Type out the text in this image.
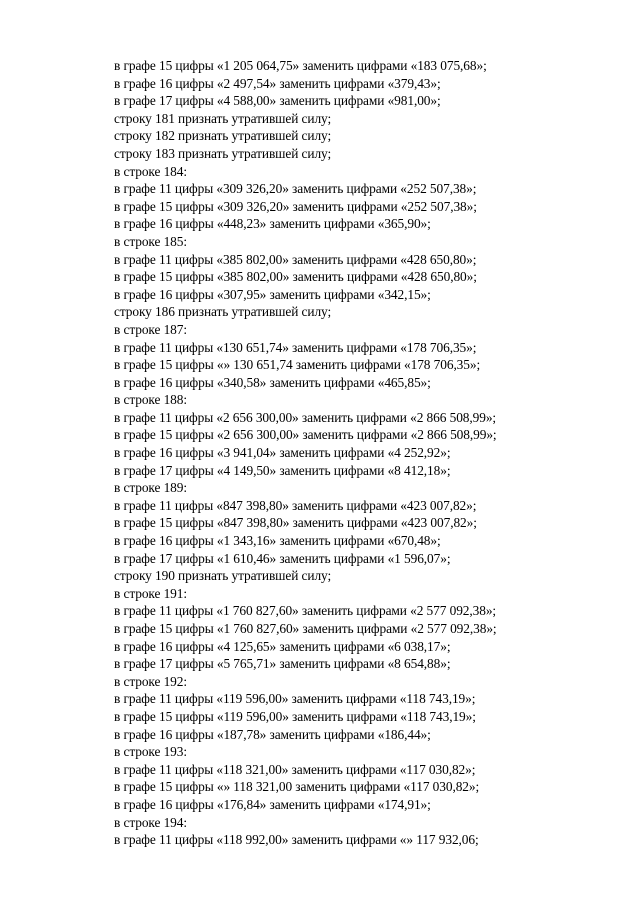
в графе 15 цифры «1 205 064,75» заменить цифрами «183 075,68»;
в графе 16 цифры «2 497,54» заменить цифрами «379,43»;
в графе 17 цифры «4 588,00» заменить цифрами «981,00»;
строку 181 признать утратившей силу;
строку 182 признать утратившей силу;
строку 183 признать утратившей силу;
в строке 184:
в графе 11 цифры «309 326,20» заменить цифрами «252 507,38»;
в графе 15 цифры «309 326,20» заменить цифрами «252 507,38»;
в графе 16 цифры «448,23» заменить цифрами «365,90»;
в строке 185:
в графе 11 цифры «385 802,00» заменить цифрами «428 650,80»;
в графе 15 цифры «385 802,00» заменить цифрами «428 650,80»;
в графе 16 цифры «307,95» заменить цифрами «342,15»;
строку 186 признать утратившей силу;
в строке 187:
в графе 11 цифры «130 651,74» заменить цифрами «178 706,35»;
в графе 15 цифры «» 130 651,74 заменить цифрами «178 706,35»;
в графе 16 цифры «340,58» заменить цифрами «465,85»;
в строке 188:
в графе 11 цифры «2 656 300,00» заменить цифрами «2 866 508,99»;
в графе 15 цифры «2 656 300,00» заменить цифрами «2 866 508,99»;
в графе 16 цифры «3 941,04» заменить цифрами «4 252,92»;
в графе 17 цифры «4 149,50» заменить цифрами «8 412,18»;
в строке 189:
в графе 11 цифры «847 398,80» заменить цифрами «423 007,82»;
в графе 15 цифры «847 398,80» заменить цифрами «423 007,82»;
в графе 16 цифры «1 343,16» заменить цифрами «670,48»;
в графе 17 цифры «1 610,46» заменить цифрами «1 596,07»;
строку 190 признать утратившей силу;
в строке 191:
в графе 11 цифры «1 760 827,60» заменить цифрами «2 577 092,38»;
в графе 15 цифры «1 760 827,60» заменить цифрами «2 577 092,38»;
в графе 16 цифры «4 125,65» заменить цифрами «6 038,17»;
в графе 17 цифры «5 765,71» заменить цифрами «8 654,88»;
в строке 192:
в графе 11 цифры «119 596,00» заменить цифрами «118 743,19»;
в графе 15 цифры «119 596,00» заменить цифрами «118 743,19»;
в графе 16 цифры «187,78» заменить цифрами «186,44»;
в строке 193:
в графе 11 цифры «118 321,00» заменить цифрами «117 030,82»;
в графе 15 цифры «» 118 321,00 заменить цифрами «117 030,82»;
в графе 16 цифры «176,84» заменить цифрами «174,91»;
в строке 194:
в графе 11 цифры «118 992,00» заменить цифрами «» 117 932,06;
